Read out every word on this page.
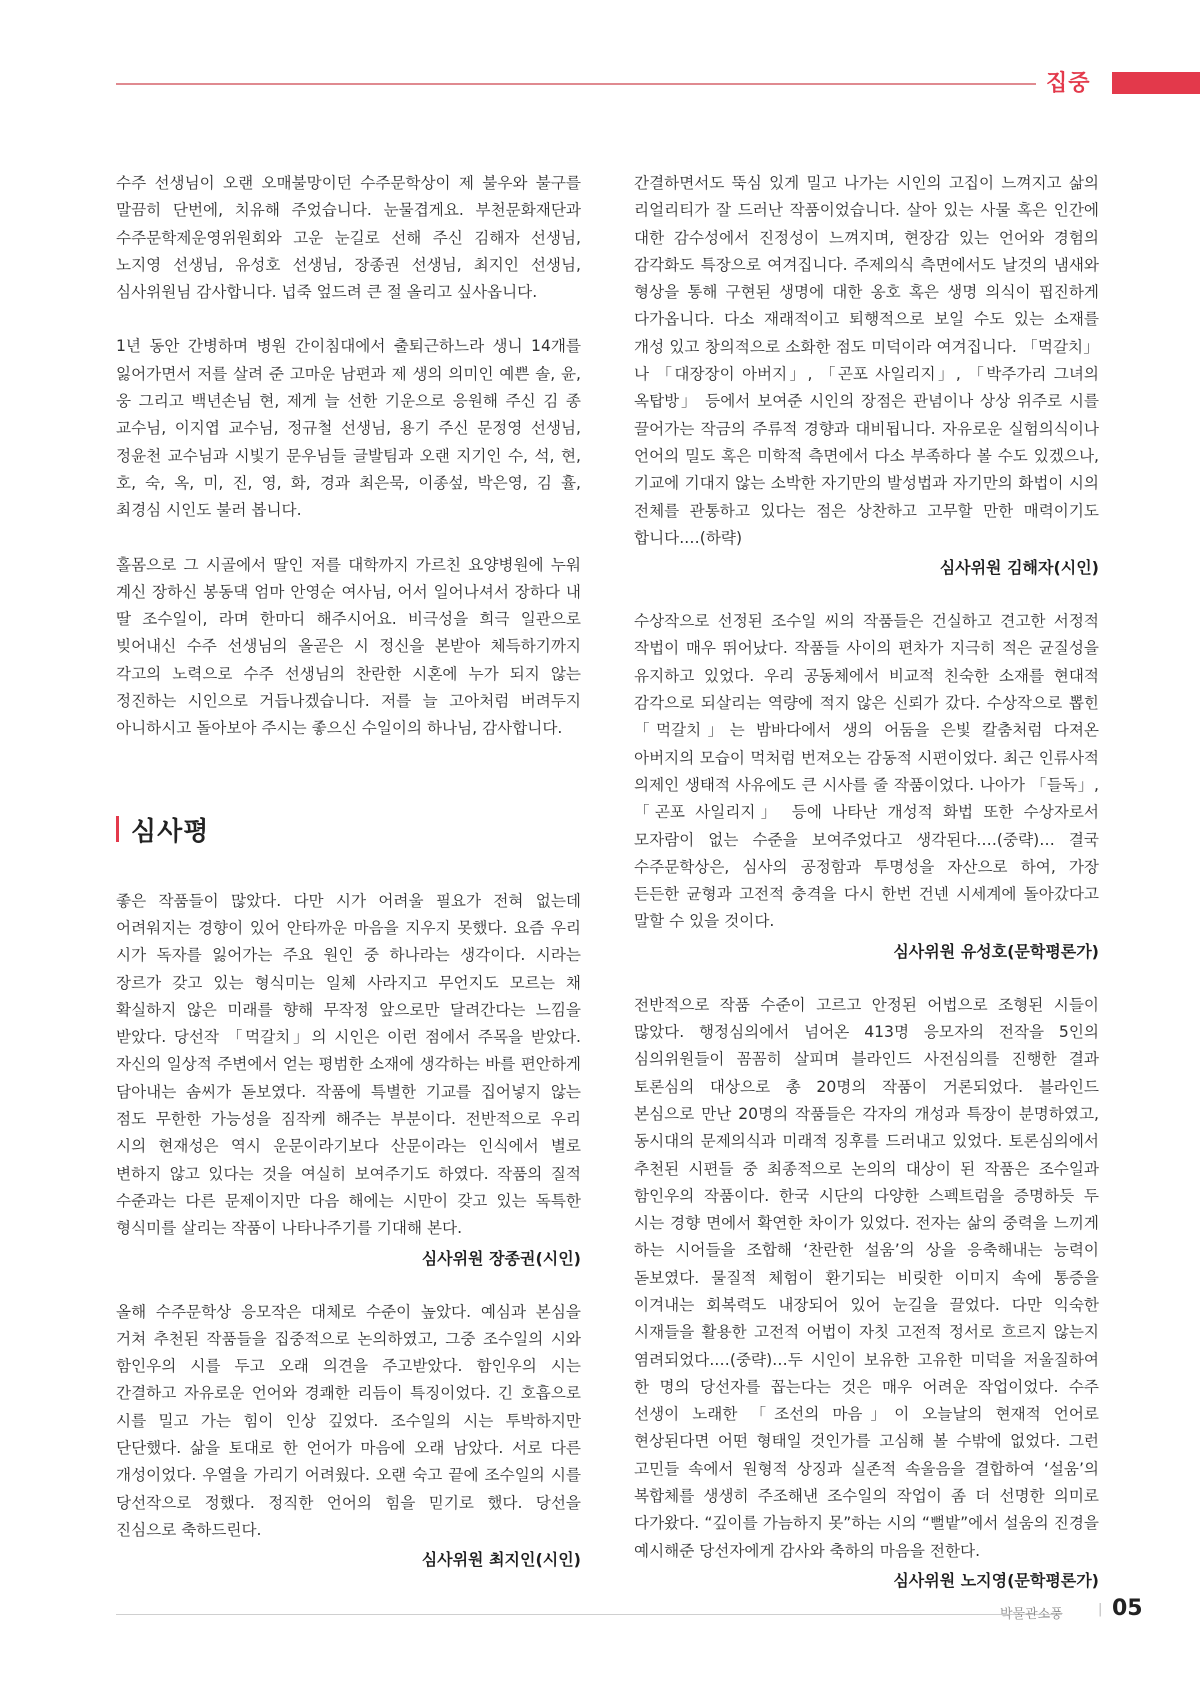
집중

수주 선생님이 오랜 오매불망이던 수주문학상이 제 불우와 불구를 말끔히 단번에, 치유해 주었습니다. 눈물겹게요. 부천문화재단과 수주문학제운영위원회와 고운 눈길로 선해 주신 김해자 선생님, 노지영 선생님, 유성호 선생님, 장종권 선생님, 최지인 선생님, 심사위원님 감사합니다. 넙죽 엎드려 큰 절 올리고 싶사옵니다.

1년 동안 간병하며 병원 간이침대에서 출퇴근하느라 생니 14개를 잃어가면서 저를 살려 준 고마운 남편과 제 생의 의미인 예쁜 솔, 윤, 웅 그리고 백년손님 현, 제게 늘 선한 기운으로 응원해 주신 김 종 교수님, 이지엽 교수님, 정규철 선생님, 용기 주신 문정영 선생님, 정윤천 교수님과 시빛기 문우님들 글발팀과 오랜 지기인 수, 석, 현, 호, 숙, 옥, 미, 진, 영, 화, 경과 최은묵, 이종섶, 박은영, 김 휼, 최경심 시인도 불러 봅니다.

홀몸으로 그 시골에서 딸인 저를 대학까지 가르친 요양병원에 누워 계신 장하신 봉동댁 엄마 안영순 여사님, 어서 일어나셔서 장하다 내 딸 조수일이, 라며 한마디 해주시어요. 비극성을 희극 일관으로 빚어내신 수주 선생님의 올곧은 시 정신을 본받아 체득하기까지 각고의 노력으로 수주 선생님의 찬란한 시혼에 누가 되지 않는 정진하는 시인으로 거듭나겠습니다. 저를 늘 고아처럼 버려두지 아니하시고 돌아보아 주시는 좋으신 수일이의 하나님, 감사합니다.

심사평

좋은 작품들이 많았다. 다만 시가 어려울 필요가 전혀 없는데 어려워지는 경향이 있어 안타까운 마음을 지우지 못했다. 요즘 우리 시가 독자를 잃어가는 주요 원인 중 하나라는 생각이다. 시라는 장르가 갖고 있는 형식미는 일체 사라지고 무언지도 모르는 채 확실하지 않은 미래를 향해 무작정 앞으로만 달려간다는 느낌을 받았다. 당선작 「먹갈치」의 시인은 이런 점에서 주목을 받았다. 자신의 일상적 주변에서 얻는 평범한 소재에 생각하는 바를 편안하게 담아내는 솜씨가 돋보였다. 작품에 특별한 기교를 집어넣지 않는 점도 무한한 가능성을 짐작케 해주는 부분이다. 전반적으로 우리 시의 현재성은 역시 운문이라기보다 산문이라는 인식에서 별로 변하지 않고 있다는 것을 여실히 보여주기도 하였다. 작품의 질적 수준과는 다른 문제이지만 다음 해에는 시만이 갖고 있는 독특한 형식미를 살리는 작품이 나타나주기를 기대해 본다.

심사위원 장종권(시인)

올해 수주문학상 응모작은 대체로 수준이 높았다. 예심과 본심을 거쳐 추천된 작품들을 집중적으로 논의하였고, 그중 조수일의 시와 함인우의 시를 두고 오래 의견을 주고받았다. 함인우의 시는 간결하고 자유로운 언어와 경쾌한 리듬이 특징이었다. 긴 호흡으로 시를 밀고 가는 힘이 인상 깊었다. 조수일의 시는 투박하지만 단단했다. 삶을 토대로 한 언어가 마음에 오래 남았다. 서로 다른 개성이었다. 우열을 가리기 어려웠다. 오랜 숙고 끝에 조수일의 시를 당선작으로 정했다. 정직한 언어의 힘을 믿기로 했다. 당선을 진심으로 축하드린다.

심사위원 최지인(시인)

간결하면서도 뚝심 있게 밀고 나가는 시인의 고집이 느껴지고 삶의 리얼리티가 잘 드러난 작품이었습니다. 살아 있는 사물 혹은 인간에 대한 감수성에서 진정성이 느껴지며, 현장감 있는 언어와 경험의 감각화도 특장으로 여겨집니다. 주제의식 측면에서도 날것의 냄새와 형상을 통해 구현된 생명에 대한 옹호 혹은 생명 의식이 핍진하게 다가옵니다. 다소 재래적이고 퇴행적으로 보일 수도 있는 소재를 개성 있고 창의적으로 소화한 점도 미덕이라 여겨집니다. 「먹갈치」나 「대장장이 아버지」, 「곤포 사일리지」, 「박주가리 그녀의 옥탑방」 등에서 보여준 시인의 장점은 관념이나 상상 위주로 시를 끌어가는 작금의 주류적 경향과 대비됩니다. 자유로운 실험의식이나 언어의 밀도 혹은 미학적 측면에서 다소 부족하다 볼 수도 있겠으나, 기교에 기대지 않는 소박한 자기만의 발성법과 자기만의 화법이 시의 전체를 관통하고 있다는 점은 상찬하고 고무할 만한 매력이기도 합니다.…(하략)

심사위원 김해자(시인)

수상작으로 선정된 조수일 씨의 작품들은 건실하고 견고한 서정적 작법이 매우 뛰어났다. 작품들 사이의 편차가 지극히 적은 균질성을 유지하고 있었다. 우리 공동체에서 비교적 친숙한 소재를 현대적 감각으로 되살리는 역량에 적지 않은 신뢰가 갔다. 수상작으로 뽑힌 「먹갈치」는 밤바다에서 생의 어둠을 은빛 칼춤처럼 다져온 아버지의 모습이 먹처럼 번져오는 감동적 시편이었다. 최근 인류사적 의제인 생태적 사유에도 큰 시사를 줄 작품이었다. 나아가 「들독」, 「곤포 사일리지」 등에 나타난 개성적 화법 또한 수상자로서 모자람이 없는 수준을 보여주었다고 생각된다.…(중략)… 결국 수주문학상은, 심사의 공정함과 투명성을 자산으로 하여, 가장 든든한 균형과 고전적 충격을 다시 한번 건넨 시세계에 돌아갔다고 말할 수 있을 것이다.

심사위원 유성호(문학평론가)

전반적으로 작품 수준이 고르고 안정된 어법으로 조형된 시들이 많았다. 행정심의에서 넘어온 413명 응모자의 전작을 5인의 심의위원들이 꼼꼼히 살피며 블라인드 사전심의를 진행한 결과 토론심의 대상으로 총 20명의 작품이 거론되었다. 블라인드 본심으로 만난 20명의 작품들은 각자의 개성과 특장이 분명하였고, 동시대의 문제의식과 미래적 징후를 드러내고 있었다. 토론심의에서 추천된 시편들 중 최종적으로 논의의 대상이 된 작품은 조수일과 함인우의 작품이다. 한국 시단의 다양한 스펙트럼을 증명하듯 두 시는 경향 면에서 확연한 차이가 있었다. 전자는 삶의 중력을 느끼게 하는 시어들을 조합해 ‘찬란한 설움’의 상을 응축해내는 능력이 돋보였다. 물질적 체험이 환기되는 비릿한 이미지 속에 통증을 이겨내는 회복력도 내장되어 있어 눈길을 끌었다. 다만 익숙한 시재들을 활용한 고전적 어법이 자칫 고전적 정서로 흐르지 않는지 염려되었다.…(중략)…두 시인이 보유한 고유한 미덕을 저울질하여 한 명의 당선자를 꼽는다는 것은 매우 어려운 작업이었다. 수주 선생이 노래한 「조선의 마음」이 오늘날의 현재적 언어로 현상된다면 어떤 형태일 것인가를 고심해 볼 수밖에 없었다. 그런 고민들 속에서 원형적 상징과 실존적 속울음을 결합하여 ‘설움’의 복합체를 생생히 주조해낸 조수일의 작업이 좀 더 선명한 의미로 다가왔다. “깊이를 가늠하지 못”하는 시의 “뻘밭”에서 설움의 진경을 예시해준 당선자에게 감사와 축하의 마음을 전한다.

심사위원 노지영(문학평론가)

박물관소풍	| 05
